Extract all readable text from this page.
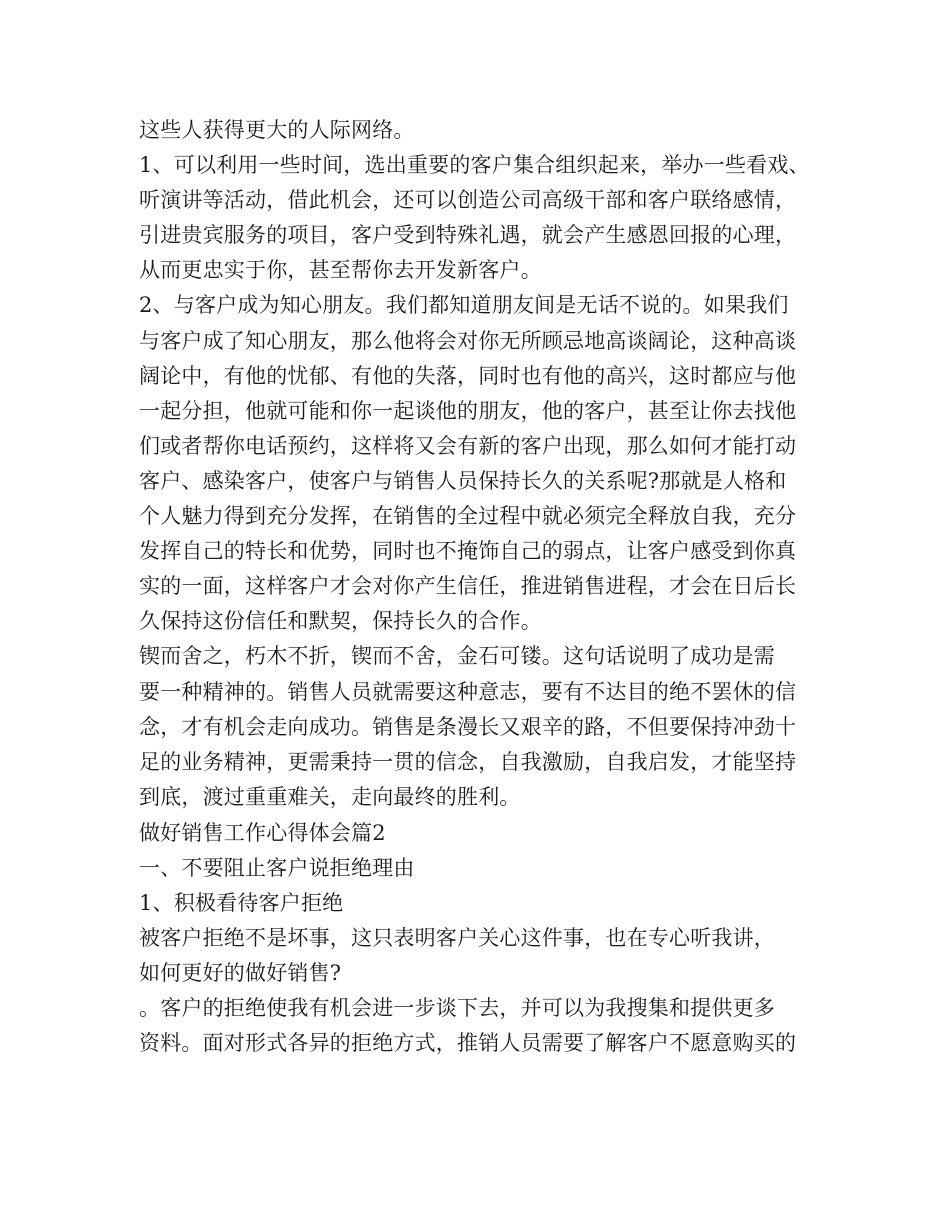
这些人获得更大的人际网络。
1、可以利用一些时间，选出重要的客户集合组织起来，举办一些看戏、
听演讲等活动，借此机会，还可以创造公司高级干部和客户联络感情，
引进贵宾服务的项目，客户受到特殊礼遇，就会产生感恩回报的心理，
从而更忠实于你，甚至帮你去开发新客户。
2、与客户成为知心朋友。我们都知道朋友间是无话不说的。如果我们
与客户成了知心朋友，那么他将会对你无所顾忌地高谈阔论，这种高谈
阔论中，有他的忧郁、有他的失落，同时也有他的高兴，这时都应与他
一起分担，他就可能和你一起谈他的朋友，他的客户，甚至让你去找他
们或者帮你电话预约，这样将又会有新的客户出现，那么如何才能打动
客户、感染客户，使客户与销售人员保持长久的关系呢?那就是人格和
个人魅力得到充分发挥，在销售的全过程中就必须完全释放自我，充分
发挥自己的特长和优势，同时也不掩饰自己的弱点，让客户感受到你真
实的一面，这样客户才会对你产生信任，推进销售进程，才会在日后长
久保持这份信任和默契，保持长久的合作。
锲而舍之，朽木不折，锲而不舍，金石可镂。这句话说明了成功是需
要一种精神的。销售人员就需要这种意志，要有不达目的绝不罢休的信
念，才有机会走向成功。销售是条漫长又艰辛的路，不但要保持冲劲十
足的业务精神，更需秉持一贯的信念，自我激励，自我启发，才能坚持
到底，渡过重重难关，走向最终的胜利。
做好销售工作心得体会篇2
一、不要阻止客户说拒绝理由
1、积极看待客户拒绝
被客户拒绝不是坏事，这只表明客户关心这件事，也在专心听我讲，
如何更好的做好销售?
。客户的拒绝使我有机会进一步谈下去，并可以为我搜集和提供更多
资料。面对形式各异的拒绝方式，推销人员需要了解客户不愿意购买的
